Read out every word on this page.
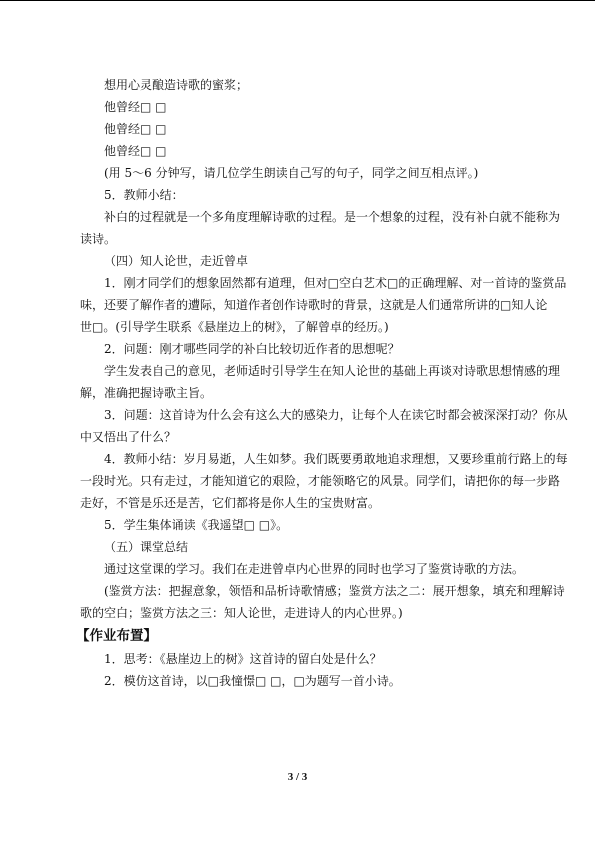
想用心灵酿造诗歌的蜜浆；
他曾经□ □
他曾经□ □
他曾经□ □
(用 5～6 分钟写，请几位学生朗读自己写的句子，同学之间互相点评。)
5．教师小结：
补白的过程就是一个多角度理解诗歌的过程。是一个想象的过程，没有补白就不能称为
读诗。
（四）知人论世，走近曾卓
1．刚才同学们的想象固然都有道理，但对□空白艺术□的正确理解、对一首诗的鉴赏品
味，还要了解作者的遭际，知道作者创作诗歌时的背景，这就是人们通常所讲的□知人论
世□。(引导学生联系《悬崖边上的树》，了解曾卓的经历。)
2．问题：刚才哪些同学的补白比较切近作者的思想呢？
学生发表自己的意见，老师适时引导学生在知人论世的基础上再谈对诗歌思想情感的理
解，准确把握诗歌主旨。
3．问题：这首诗为什么会有这么大的感染力，让每个人在读它时都会被深深打动？你从
中又悟出了什么？
4．教师小结：岁月易逝，人生如梦。我们既要勇敢地追求理想，又要珍重前行路上的每
一段时光。只有走过，才能知道它的艰险，才能领略它的风景。同学们，请把你的每一步路
走好，不管是乐还是苦，它们都将是你人生的宝贵财富。
5．学生集体诵读《我遥望□ □》。
（五）课堂总结
通过这堂课的学习。我们在走进曾卓内心世界的同时也学习了鉴赏诗歌的方法。
(鉴赏方法：把握意象，领悟和品析诗歌情感；鉴赏方法之二：展开想象，填充和理解诗
歌的空白；鉴赏方法之三：知人论世，走进诗人的内心世界。)
【作业布置】
1．思考：《悬崖边上的树》这首诗的留白处是什么？
2．模仿这首诗，以□我憧憬□ □，□为题写一首小诗。
3 / 3
